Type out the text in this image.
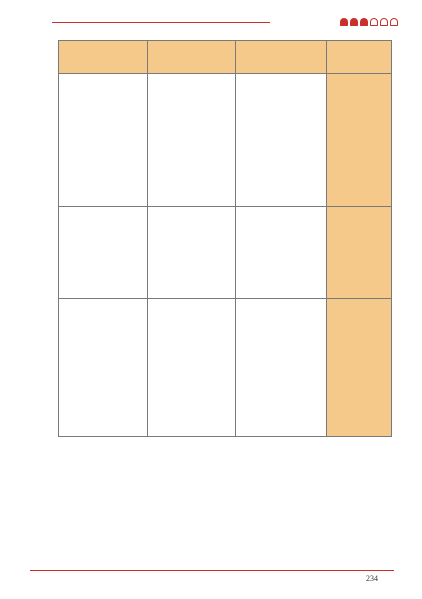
234
